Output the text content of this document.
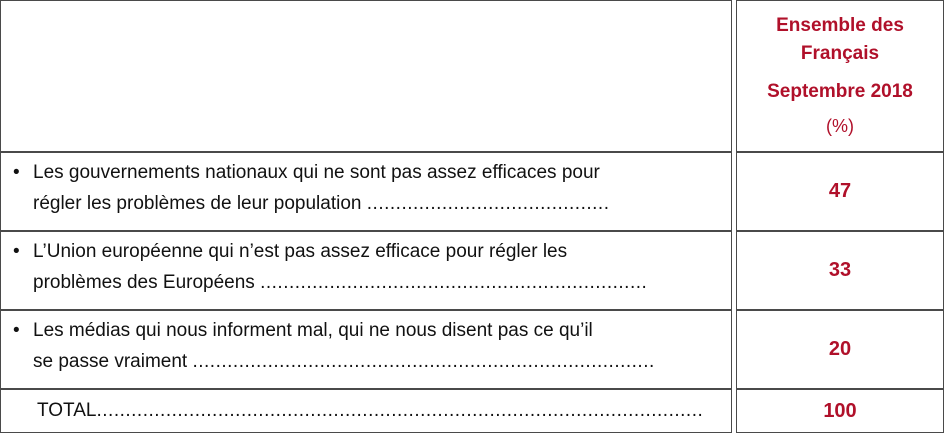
		Ensemble des
Français
Septembre 2018
(%)

• Les gouvernements nationaux qui ne sont pas assez efficaces pour
régler les problèmes de leur population ..........................................		47

• L’Union européenne qui n’est pas assez efficace pour régler les
problèmes des Européens ...................................................................		33

• Les médias qui nous informent mal, qui ne nous disent pas ce qu’il
se passe vraiment ................................................................................		20

TOTAL .........................................................................................................		100
